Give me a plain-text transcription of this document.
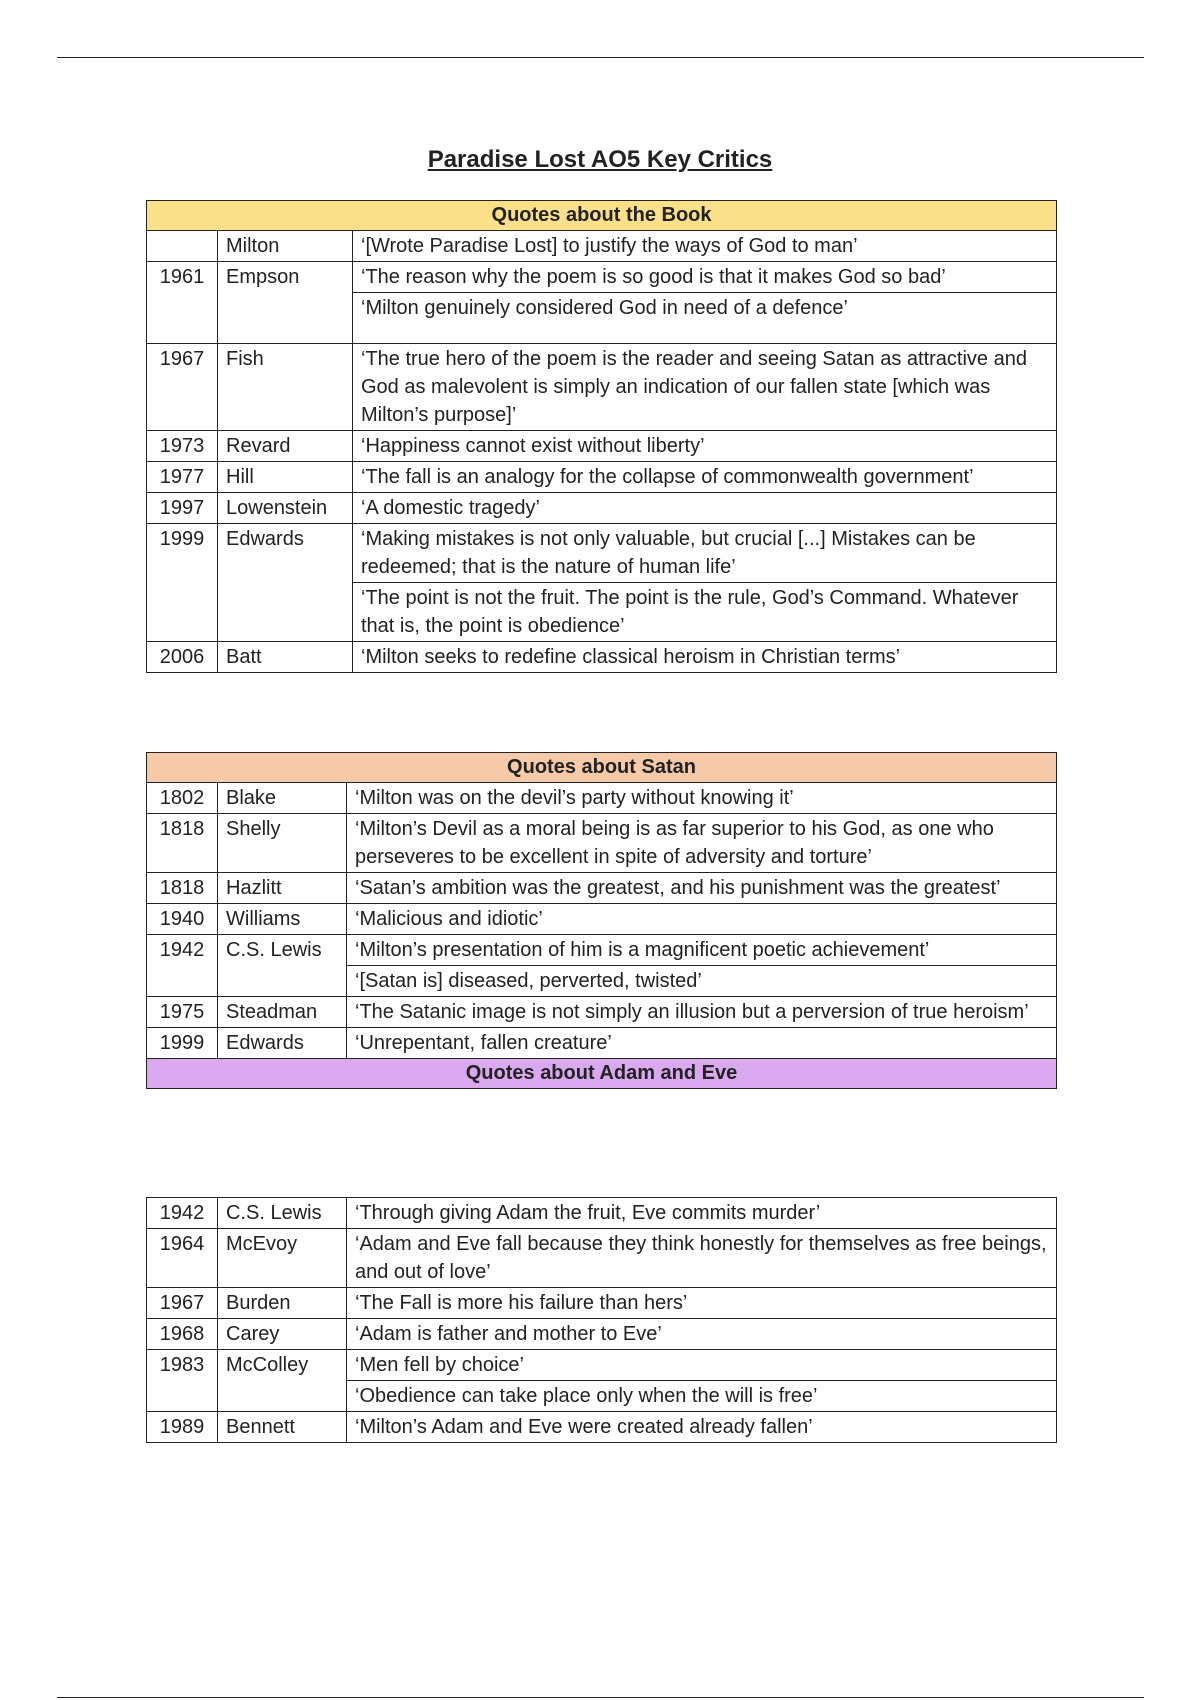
Paradise Lost AO5 Key Critics
Quotes about the Book		
	Milton	‘[Wrote Paradise Lost] to justify the ways of God to man’
1961	Empson	‘The reason why the poem is so good is that it makes God so bad’
		‘Milton genuinely considered God in need of a defence’
1967	Fish	‘The true hero of the poem is the reader and seeing Satan as attractive and God as malevolent is simply an indication of our fallen state [which was Milton’s purpose]’
1973	Revard	‘Happiness cannot exist without liberty’
1977	Hill	‘The fall is an analogy for the collapse of commonwealth government’
1997	Lowenstein	‘A domestic tragedy’
1999	Edwards	‘Making mistakes is not only valuable, but crucial [...] Mistakes can be redeemed; that is the nature of human life’
		‘The point is not the fruit. The point is the rule, God’s Command. Whatever that is, the point is obedience’
2006	Batt	‘Milton seeks to redefine classical heroism in Christian terms’
Quotes about Satan		
1802	Blake	‘Milton was on the devil’s party without knowing it’
1818	Shelly	‘Milton’s Devil as a moral being is as far superior to his God, as one who perseveres to be excellent in spite of adversity and torture’
1818	Hazlitt	‘Satan’s ambition was the greatest, and his punishment was the greatest’
1940	Williams	‘Malicious and idiotic’
1942	C.S. Lewis	‘Milton’s presentation of him is a magnificent poetic achievement’
		‘[Satan is] diseased, perverted, twisted’
1975	Steadman	‘The Satanic image is not simply an illusion but a perversion of true heroism’
1999	Edwards	‘Unrepentant, fallen creature’
Quotes about Adam and Eve		
1942	C.S. Lewis	‘Through giving Adam the fruit, Eve commits murder’
1964	McEvoy	‘Adam and Eve fall because they think honestly for themselves as free beings, and out of love’
1967	Burden	‘The Fall is more his failure than hers’
1968	Carey	‘Adam is father and mother to Eve’
1983	McColley	‘Men fell by choice’
		‘Obedience can take place only when the will is free’
1989	Bennett	‘Milton’s Adam and Eve were created already fallen’
